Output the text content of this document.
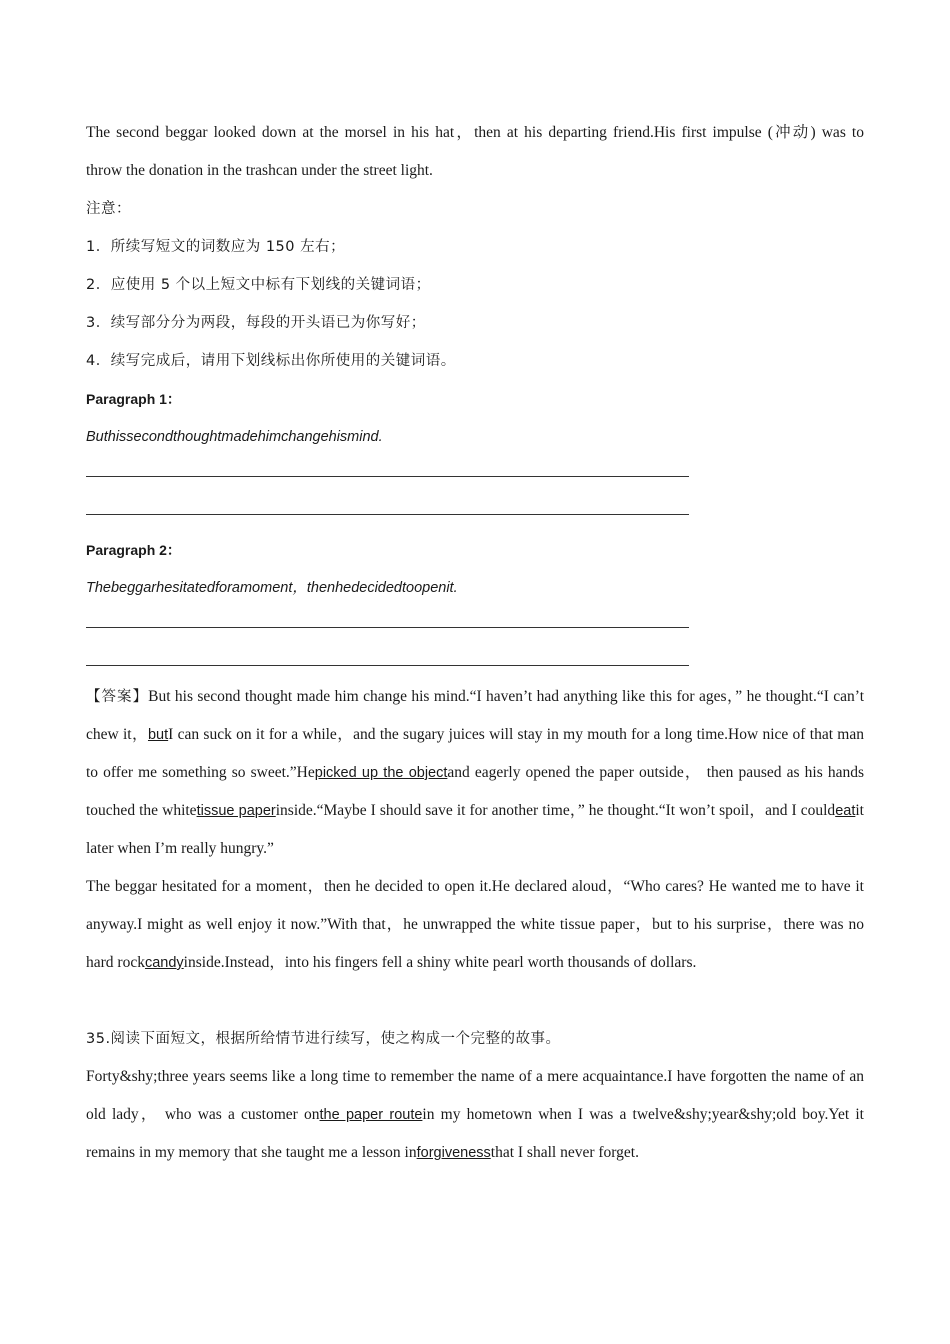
The second beggar looked down at the morsel in his hat，then at his departing friend.His first impulse (冲动) was to

throw the donation in the trashcan under the street light.

注意：

1．所续写短文的词数应为 150 左右；

2．应使用 5 个以上短文中标有下划线的关键词语；

3．续写部分分为两段，每段的开头语已为你写好；

4．续写完成后，请用下划线标出你所使用的关键词语。

Paragraph 1：

Buthissecondthoughtmadehimchangehismind.

Paragraph 2：

Thebeggarhesitatedforamoment，thenhedecidedtoopenit.

【答案】But his second thought made him change his mind.“I haven’t had anything like this for ages，” he thought.“I can’t chew it，butI can suck on it for a while，and the sugary juices will stay in my mouth for a long time.How nice of that man to offer me something so sweet.”Hepicked up the objectand eagerly opened the paper outside， then paused as his hands touched the whitetissue paperinside.“Maybe I should save it for another time，” he thought.“It won’t spoil，and I couldeatit later when I’m really hungry.”

The beggar hesitated for a moment，then he decided to open it.He declared aloud，“Who cares? He wanted me to have it anyway.I might as well enjoy it now.”With that，he unwrapped the white tissue paper，but to his surprise，there was no hard rockcandyinside.Instead，into his fingers fell a shiny white pearl worth thousands of dollars.

35.阅读下面短文，根据所给情节进行续写，使之构成一个完整的故事。

Forty&shy;three years seems like a long time to remember the name of a mere acquaintance.I have forgotten the name of an old lady， who was a customer onthe paper routein my hometown when I was a twelve&shy;year&shy;old boy.Yet it remains in my memory that she taught me a lesson inforgivenessthat I shall never forget.
